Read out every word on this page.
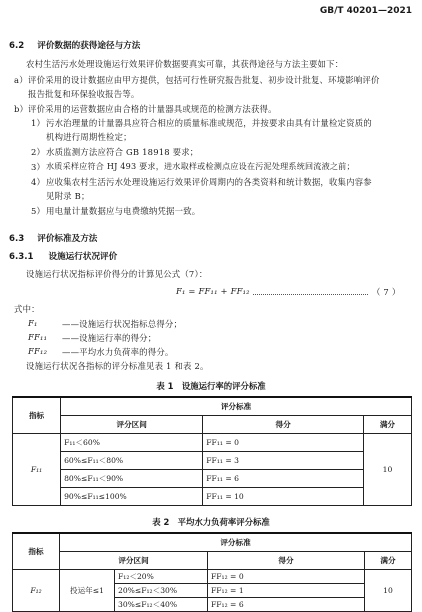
GB/T 40201—2021
6.2 评价数据的获得途径与方法
农村生活污水处理设施运行效果评价数据要真实可靠，其获得途径与方法主要如下：
a） 评价采用的设计数据应由甲方提供，包括可行性研究报告批复、初步设计批复、环境影响评价
报告批复和环保验收报告等。
b） 评价采用的运营数据应由合格的计量器具或规范的检测方法获得。
1） 污水治理量的计量器具应符合相应的质量标准或规范，并按要求由具有计量检定资质的
机构进行周期性检定；
2） 水质监测方法应符合 GB 18918 要求；
3） 水质采样应符合 HJ 493 要求，进水取样或检测点应设在污泥处理系统回流液之前；
4） 应收集农村生活污水处理设施运行效果评价周期内的各类资料和统计数据，收集内容参
见附录 B；
5） 用电量计量数据应与电费缴纳凭据一致。
6.3 评价标准及方法
6.3.1 设施运行状况评价
设施运行状况指标评价得分的计算见公式（7）：
F₁ = FF₁₁ + FF₁₂	（ 7 ）
式中：
F₁	——设施运行状况指标总得分；
FF₁₁ ——设施运行率的得分；
FF₁₂ ——平均水力负荷率的得分。
设施运行状况各指标的评分标准见表 1 和表 2。
表 1　设施运行率的评分标准
指标	评分标准		
	评分区间	得分	满分
F₁₁	F₁₁＜60%	FF₁₁ = 0	10
	60%≤F₁₁＜80%	FF₁₁ = 3	
	80%≤F₁₁＜90%	FF₁₁ = 6	
	90%≤F₁₁≤100%	FF₁₁ = 10	
表 2　平均水力负荷率评分标准
指标	评分标准			
	评分区间		得分	满分
F₁₂	投运年≤1	F₁₂＜20%	FF₁₂ = 0	10
		20%≤F₁₂＜30%	FF₁₂ = 1	
		30%≤F₁₂＜40%	FF₁₂ = 6	
